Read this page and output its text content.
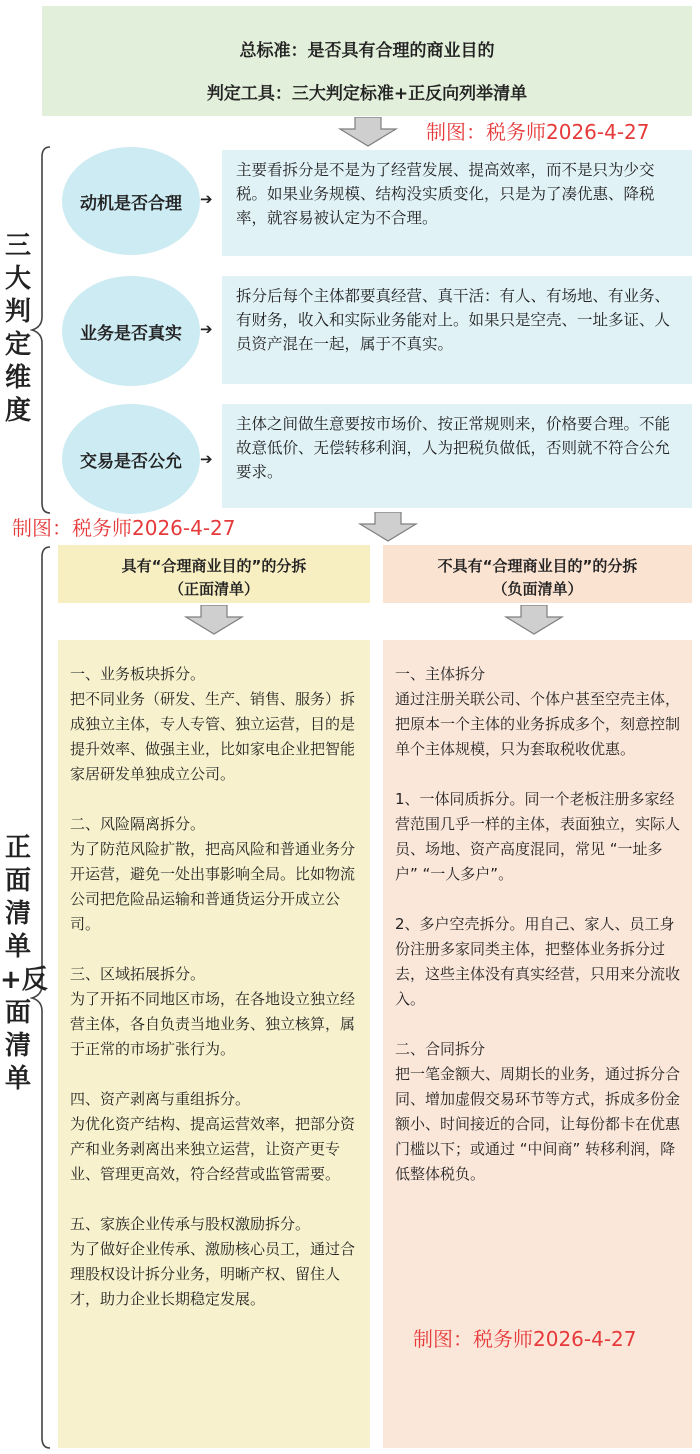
总标准：是否具有合理的商业目的
判定工具：三大判定标准+正反向列举清单
制图：税务师2026-4-27
三大判定维度
动机是否合理	➔
主要看拆分是不是为了经营发展、提高效率，而不是只为少交税。如果业务规模、结构没实质变化，只是为了凑优惠、降税率，就容易被认定为不合理。
业务是否真实	➔
拆分后每个主体都要真经营、真干活：有人、有场地、有业务、有财务，收入和实际业务能对上。如果只是空壳、一址多证、人员资产混在一起，属于不真实。
交易是否公允	➔
主体之间做生意要按市场价、按正常规则来，价格要合理。不能故意低价、无偿转移利润，人为把税负做低，否则就不符合公允要求。
制图：税务师2026-4-27
正面清单+反面清单
具有“合理商业目的”的分拆
（正面清单）
不具有“合理商业目的”的分拆
（负面清单）

一、业务板块拆分。
把不同业务（研发、生产、销售、服务）拆成独立主体，专人专管、独立运营，目的是提升效率、做强主业，比如家电企业把智能家居研发单独成立公司。

二、风险隔离拆分。
为了防范风险扩散，把高风险和普通业务分开运营，避免一处出事影响全局。比如物流公司把危险品运输和普通货运分开成立公司。

三、区域拓展拆分。
为了开拓不同地区市场，在各地设立独立经营主体，各自负责当地业务、独立核算，属于正常的市场扩张行为。

四、资产剥离与重组拆分。
为优化资产结构、提高运营效率，把部分资产和业务剥离出来独立运营，让资产更专业、管理更高效，符合经营或监管需要。

五、家族企业传承与股权激励拆分。
为了做好企业传承、激励核心员工，通过合理股权设计拆分业务，明晰产权、留住人才，助力企业长期稳定发展。

一、主体拆分
通过注册关联公司、个体户甚至空壳主体，把原本一个主体的业务拆成多个，刻意控制单个主体规模，只为套取税收优惠。

1、一体同质拆分。同一个老板注册多家经营范围几乎一样的主体，表面独立，实际人员、场地、资产高度混同，常见 “一址多户” “一人多户”。

2、多户空壳拆分。用自己、家人、员工身份注册多家同类主体，把整体业务拆分过去，这些主体没有真实经营，只用来分流收入。

二、合同拆分
把一笔金额大、周期长的业务，通过拆分合同、增加虚假交易环节等方式，拆成多份金额小、时间接近的合同，让每份都卡在优惠门槛以下；或通过 “中间商” 转移利润，降低整体税负。

制图：税务师2026-4-27
